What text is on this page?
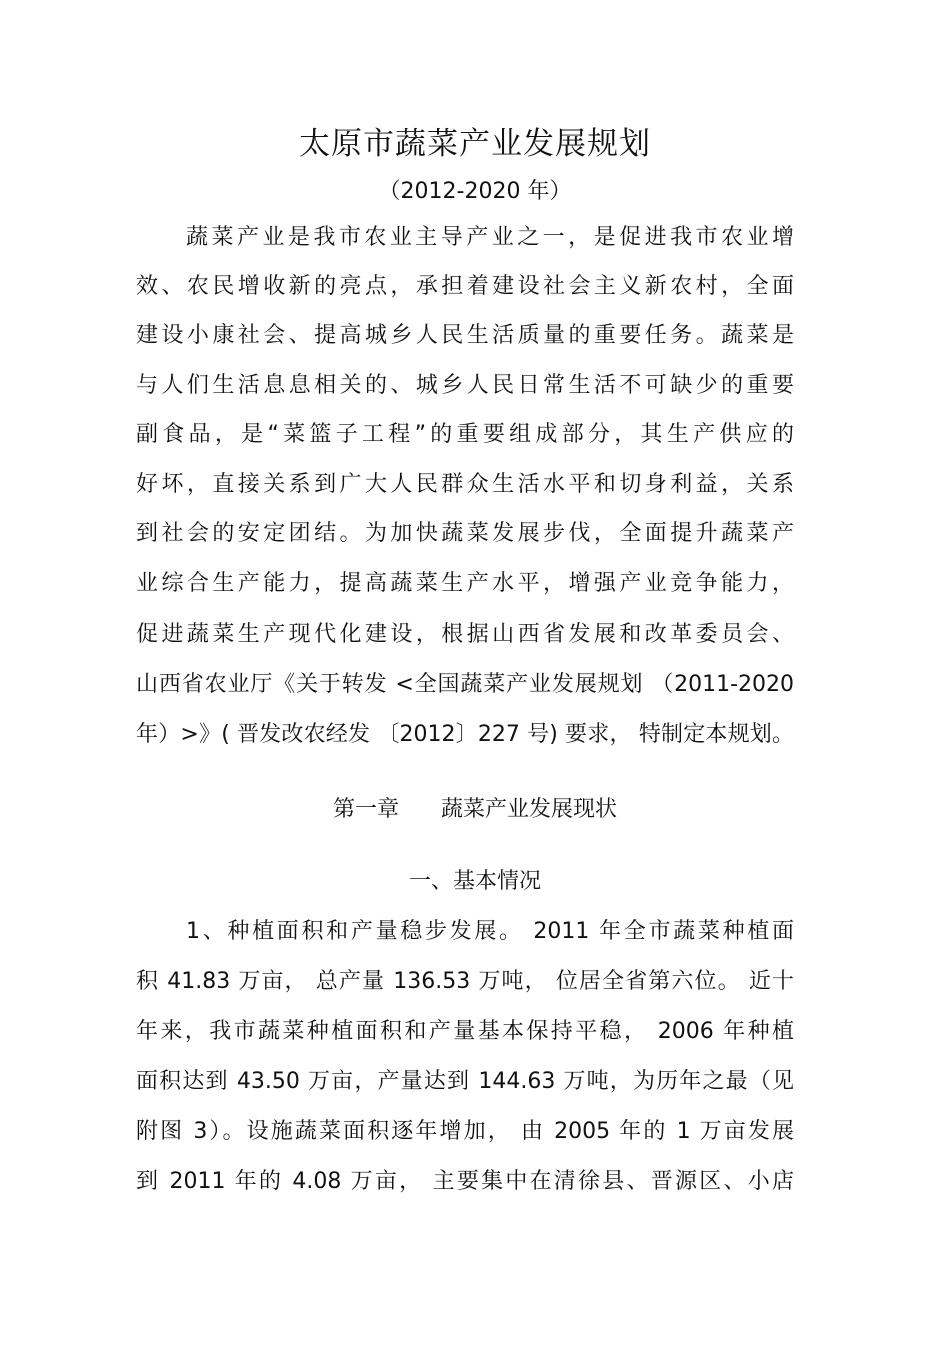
太原市蔬菜产业发展规划
（2012-2020 年）
蔬菜产业是我市农业主导产业之一，是促进我市农业增
效、农民增收新的亮点，承担着建设社会主义新农村，全面
建设小康社会、提高城乡人民生活质量的重要任务。蔬菜是
与人们生活息息相关的、城乡人民日常生活不可缺少的重要
副食品，是“菜篮子工程”的重要组成部分，其生产供应的
好坏，直接关系到广大人民群众生活水平和切身利益，关系
到社会的安定团结。为加快蔬菜发展步伐，全面提升蔬菜产
业综合生产能力，提高蔬菜生产水平，增强产业竞争能力，
促进蔬菜生产现代化建设，根据山西省发展和改革委员会、
山西省农业厅《关于转发 <全国蔬菜产业发展规划 （2011-2020
年）>》( 晋发改农经发 〔2012〕227 号) 要求， 特制定本规划。
第一章      蔬菜产业发展现状
一、基本情况
1、种植面积和产量稳步发展。 2011 年全市蔬菜种植面
积 41.83 万亩， 总产量 136.53 万吨， 位居全省第六位。 近十
年来，我市蔬菜种植面积和产量基本保持平稳， 2006 年种植
面积达到 43.50 万亩，产量达到 144.63 万吨，为历年之最（见
附图 3）。设施蔬菜面积逐年增加， 由 2005 年的 1 万亩发展
到 2011 年的 4.08 万亩， 主要集中在清徐县、晋源区、小店
